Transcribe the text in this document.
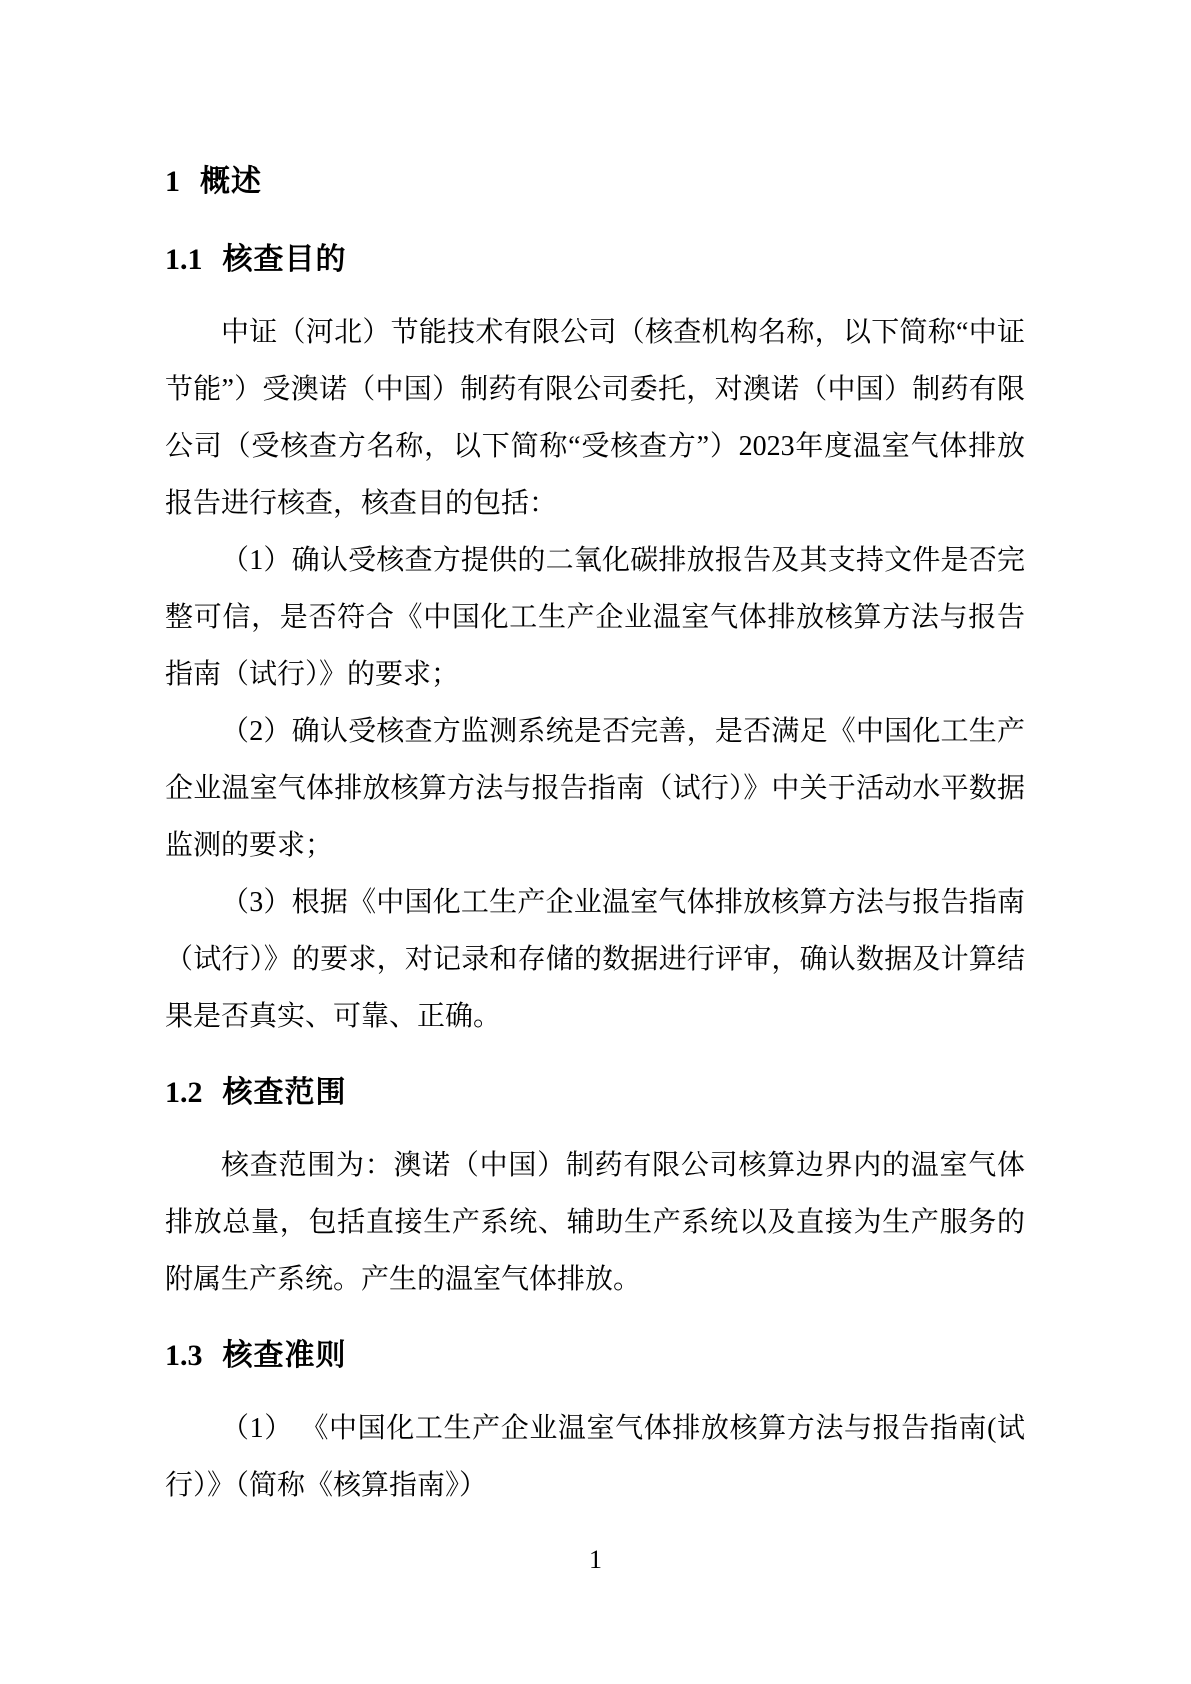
1 概述
1.1 核查目的

中证（河北）节能技术有限公司（核查机构名称，以下简称“中证节能”）受澳诺（中国）制药有限公司委托，对澳诺（中国）制药有限公司（受核查方名称，以下简称“受核查方”）2023年度温室气体排放报告进行核查，核查目的包括：

（1）确认受核查方提供的二氧化碳排放报告及其支持文件是否完整可信，是否符合《中国化工生产企业温室气体排放核算方法与报告指南（试行）》的要求；

（2）确认受核查方监测系统是否完善，是否满足《中国化工生产企业温室气体排放核算方法与报告指南（试行）》中关于活动水平数据监测的要求；

（3）根据《中国化工生产企业温室气体排放核算方法与报告指南（试行）》的要求，对记录和存储的数据进行评审，确认数据及计算结果是否真实、可靠、正确。

1.2 核查范围

核查范围为：澳诺（中国）制药有限公司核算边界内的温室气体排放总量，包括直接生产系统、辅助生产系统以及直接为生产服务的附属生产系统。产生的温室气体排放。

1.3 核查准则

（1） 《中国化工生产企业温室气体排放核算方法与报告指南(试行）》（简称《核算指南》）

1
